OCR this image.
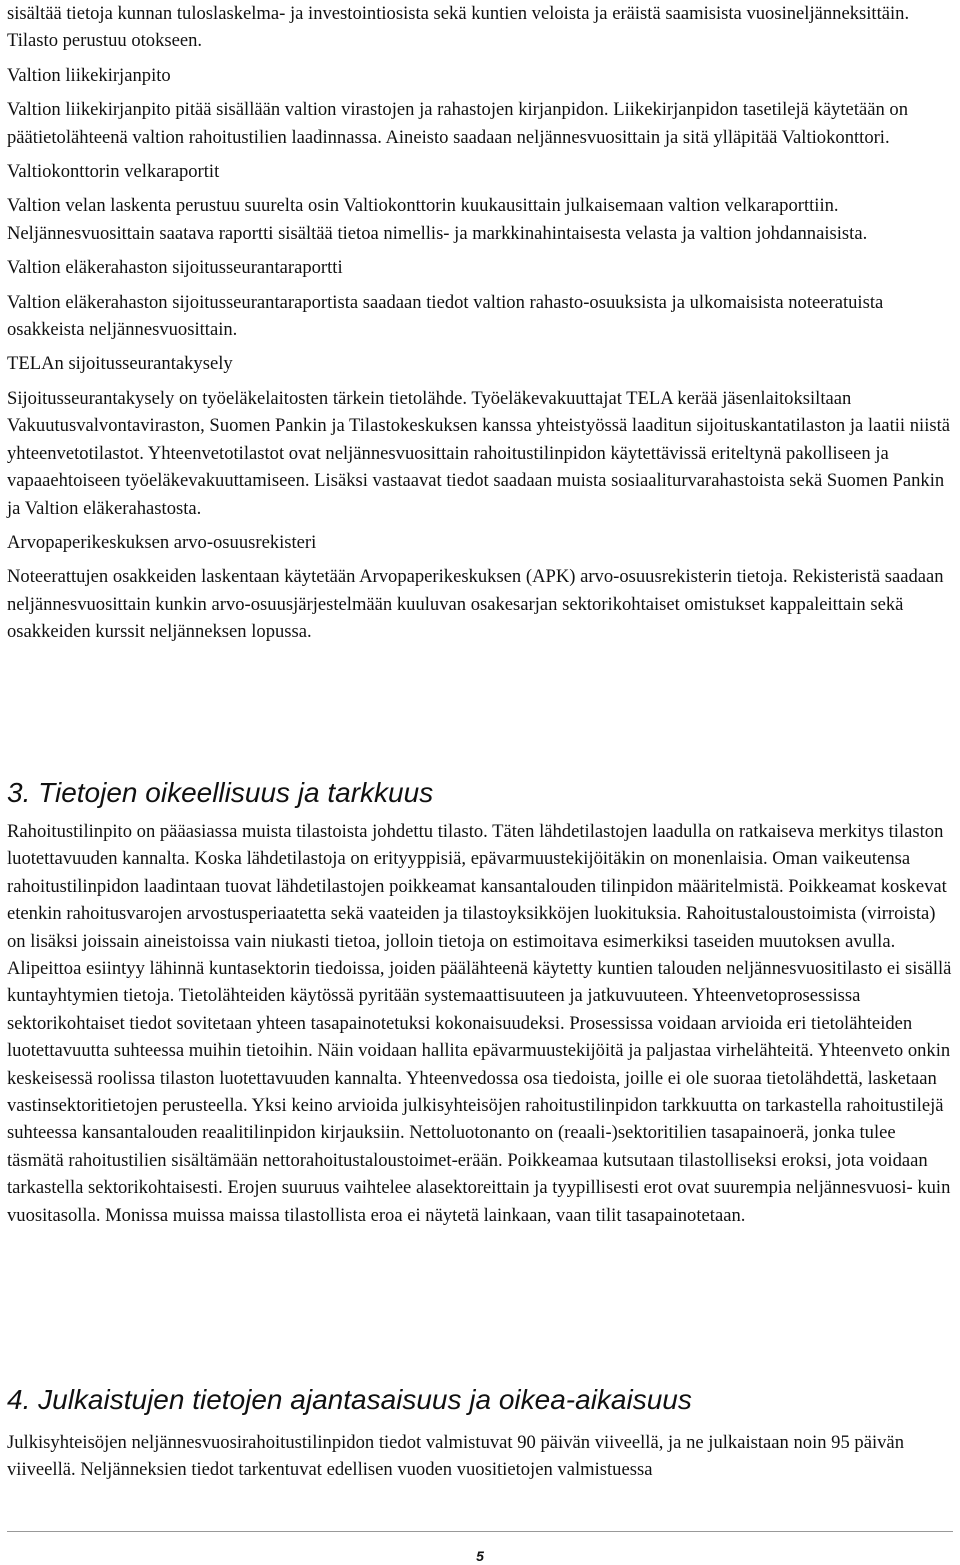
sisältää tietoja kunnan tuloslaskelma- ja investointiosista sekä kuntien veloista ja eräistä saamisista vuosineljänneksittäin. Tilasto perustuu otokseen.

Valtion liikekirjanpito

Valtion liikekirjanpito pitää sisällään valtion virastojen ja rahastojen kirjanpidon. Liikekirjanpidon tasetilejä käytetään on päätietolähteenä valtion rahoitustilien laadinnassa. Aineisto saadaan neljännesvuosittain ja sitä ylläpitää Valtiokonttori.

Valtiokonttorin velkaraportit

Valtion velan laskenta perustuu suurelta osin Valtiokonttorin kuukausittain julkaisemaan valtion velkaraporttiin. Neljännesvuosittain saatava raportti sisältää tietoa nimellis- ja markkinahintaisesta velasta ja valtion johdannaisista.

Valtion eläkerahaston sijoitusseurantaraportti

Valtion eläkerahaston sijoitusseurantaraportista saadaan tiedot valtion rahasto-osuuksista ja ulkomaisista noteeratuista osakkeista neljännesvuosittain.

TELAn sijoitusseurantakysely

Sijoitusseurantakysely on työeläkelaitosten tärkein tietolähde. Työeläkevakuuttajat TELA kerää jäsenlaitoksiltaan Vakuutusvalvontaviraston, Suomen Pankin ja Tilastokeskuksen kanssa yhteistyössä laaditun sijoituskantatilaston ja laatii niistä yhteenvetotilastot. Yhteenvetotilastot ovat neljännesvuosittain rahoitustilinpidon käytettävissä eriteltynä pakolliseen ja vapaaehtoiseen työeläkevakuuttamiseen. Lisäksi vastaavat tiedot saadaan muista sosiaaliturvarahastoista sekä Suomen Pankin ja Valtion eläkerahastosta.

Arvopaperikeskuksen arvo-osuusrekisteri

Noteerattujen osakkeiden laskentaan käytetään Arvopaperikeskuksen (APK) arvo-osuusrekisterin tietoja. Rekisteristä saadaan neljännesvuosittain kunkin arvo-osuusjärjestelmään kuuluvan osakesarjan sektorikohtaiset omistukset kappaleittain sekä osakkeiden kurssit neljänneksen lopussa.

3. Tietojen oikeellisuus ja tarkkuus

Rahoitustilinpito on pääasiassa muista tilastoista johdettu tilasto. Täten lähdetilastojen laadulla on ratkaiseva merkitys tilaston luotettavuuden kannalta. Koska lähdetilastoja on erityyppisiä, epävarmuustekijöitäkin on monenlaisia. Oman vaikeutensa rahoitustilinpidon laadintaan tuovat lähdetilastojen poikkeamat kansantalouden tilinpidon määritelmistä. Poikkeamat koskevat etenkin rahoitusvarojen arvostusperiaatetta sekä vaateiden ja tilastoyksikköjen luokituksia. Rahoitustaloustoimista (virroista) on lisäksi joissain aineistoissa vain niukasti tietoa, jolloin tietoja on estimoitava esimerkiksi taseiden muutoksen avulla. Alipeittoa esiintyy lähinnä kuntasektorin tiedoissa, joiden päälähteenä käytetty kuntien talouden neljännesvuositilasto ei sisällä kuntayhtymien tietoja. Tietolähteiden käytössä pyritään systemaattisuuteen ja jatkuvuuteen. Yhteenvetoprosessissa sektorikohtaiset tiedot sovitetaan yhteen tasapainotetuksi kokonaisuudeksi. Prosessissa voidaan arvioida eri tietolähteiden luotettavuutta suhteessa muihin tietoihin. Näin voidaan hallita epävarmuustekijöitä ja paljastaa virhelähteitä. Yhteenveto onkin keskeisessä roolissa tilaston luotettavuuden kannalta. Yhteenvedossa osa tiedoista, joille ei ole suoraa tietolähdettä, lasketaan vastinsektoritietojen perusteella. Yksi keino arvioida julkisyhteisöjen rahoitustilinpidon tarkkuutta on tarkastella rahoitustilejä suhteessa kansantalouden reaalitilinpidon kirjauksiin. Nettoluotonanto on (reaali-)sektoritilien tasapainoerä, jonka tulee täsmätä rahoitustilien sisältämään nettorahoitustaloustoimet-erään. Poikkeamaa kutsutaan tilastolliseksi eroksi, jota voidaan tarkastella sektorikohtaisesti. Erojen suuruus vaihtelee alasektoreittain ja tyypillisesti erot ovat suurempia neljännesvuosi- kuin vuositasolla. Monissa muissa maissa tilastollista eroa ei näytetä lainkaan, vaan tilit tasapainotetaan.

4. Julkaistujen tietojen ajantasaisuus ja oikea-aikaisuus

Julkisyhteisöjen neljännesvuosirahoitustilinpidon tiedot valmistuvat 90 päivän viiveellä, ja ne julkaistaan noin 95 päivän viiveellä. Neljänneksien tiedot tarkentuvat edellisen vuoden vuositietojen valmistuessa

5
